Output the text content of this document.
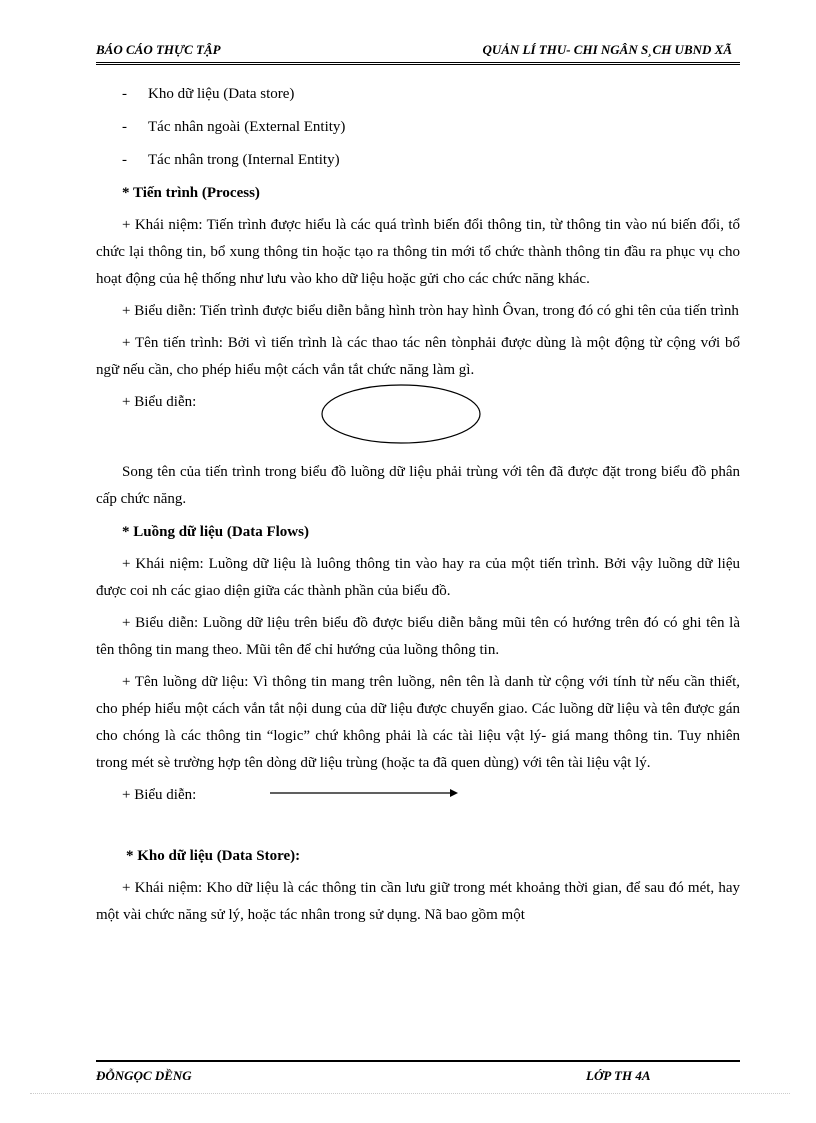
BÁO CÁO THỰC TẬP	QUẢN LÍ THU- CHI NGÂN S¸CH UBND XÃ
- Kho dữ liệu (Data store)
- Tác nhân ngoài (External Entity)
- Tác nhân trong (Internal Entity)
* Tiến trình (Process)

+ Khái niệm: Tiến trình được hiểu là các quá trình biến đổi thông tin, từ thông tin vào nú biến đổi, tổ chức lại thông tin, bổ xung thông tin hoặc tạo ra thông tin mới tổ chức thành thông tin đầu ra phục vụ cho hoạt động của hệ thống như lưu vào kho dữ liệu hoặc gửi cho các chức năng khác.

+ Biểu diễn: Tiến trình được biểu diễn bằng hình tròn hay hình Ôvan, trong đó có ghi tên của tiến trình

+ Tên tiến trình: Bởi vì tiến trình là các thao tác nên tònphải được dùng là một động từ cộng với bổ ngữ nếu cần, cho phép hiểu một cách vắn tắt chức năng làm gì.

+ Biểu diễn:

Song tên của tiến trình trong biểu đồ luồng dữ liệu phải trùng với tên đã được đặt trong biểu đồ phân cấp chức năng.

* Luồng dữ liệu (Data Flows)

+ Khái niệm: Luồng dữ liệu là luông thông tin vào hay ra của một tiến trình. Bởi vậy luồng dữ liệu được coi nh các giao diện giữa các thành phần của biểu đồ.

+ Biểu diễn: Luồng dữ liệu trên biểu đồ được biểu diễn bằng mũi tên có hướng trên đó có ghi tên là tên thông tin mang theo. Mũi tên để chỉ hướng của luồng thông tin.

+ Tên luồng dữ liệu: Vì thông tin mang trên luồng, nên tên là danh từ cộng với tính từ nếu cần thiết, cho phép hiểu một cách vắn tắt nội dung của dữ liệu được chuyển giao. Các luồng dữ liệu và tên được gán cho chóng là các thông tin “logic” chứ không phải là các tài liệu vật lý- giá mang thông tin. Tuy nhiên trong mét sè trường hợp tên dòng dữ liệu trùng (hoặc ta đã quen dùng) với tên tài liệu vật lý.

+ Biểu diễn:
* Kho dữ liệu (Data Store):

+ Khái niệm: Kho dữ liệu là các thông tin cần lưu giữ trong mét khoảng thời gian, để sau đó mét, hay một vài chức năng sử lý, hoặc tác nhân trong sử dụng. Nã bao gồm một

ĐỖNGỌC DỀNG	LỚP TH 4A
